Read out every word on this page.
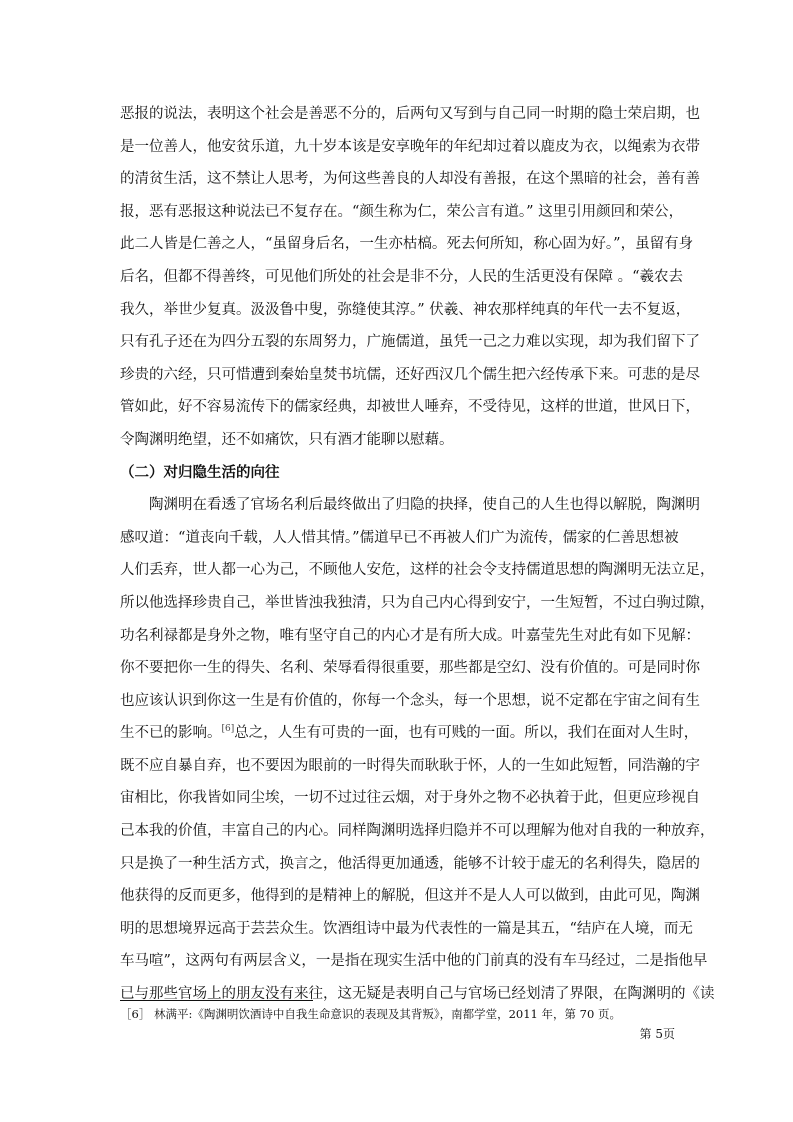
恶报的说法，表明这个社会是善恶不分的，后两句又写到与自己同一时期的隐士荣启期，也
是一位善人，他安贫乐道，九十岁本该是安享晚年的年纪却过着以鹿皮为衣，以绳索为衣带
的清贫生活，这不禁让人思考，为何这些善良的人却没有善报，在这个黑暗的社会，善有善
报，恶有恶报这种说法已不复存在。“颜生称为仁，荣公言有道。” 这里引用颜回和荣公，
此二人皆是仁善之人，“虽留身后名，一生亦枯槁。死去何所知，称心固为好。”，虽留有身
后名，但都不得善终，可见他们所处的社会是非不分，人民的生活更没有保障 。“羲农去
我久，举世少复真。汲汲鲁中叟，弥缝使其淳。” 伏羲、神农那样纯真的年代一去不复返，
只有孔子还在为四分五裂的东周努力，广施儒道，虽凭一己之力难以实现，却为我们留下了
珍贵的六经，只可惜遭到秦始皇焚书坑儒，还好西汉几个儒生把六经传承下来。可悲的是尽
管如此，好不容易流传下的儒家经典，却被世人唾弃，不受待见，这样的世道，世风日下，
令陶渊明绝望，还不如痛饮，只有酒才能聊以慰藉。
（二）对归隐生活的向往
陶渊明在看透了官场名利后最终做出了归隐的抉择，使自己的人生也得以解脱，陶渊明
感叹道：“道丧向千载，人人惜其情。”儒道早已不再被人们广为流传，儒家的仁善思想被
人们丢弃，世人都一心为己，不顾他人安危，这样的社会令支持儒道思想的陶渊明无法立足，
所以他选择珍贵自己，举世皆浊我独清，只为自己内心得到安宁，一生短暂，不过白驹过隙，
功名利禄都是身外之物，唯有坚守自己的内心才是有所大成。叶嘉莹先生对此有如下见解：
你不要把你一生的得失、名利、荣辱看得很重要，那些都是空幻、没有价值的。可是同时你
也应该认识到你这一生是有价值的，你每一个念头，每一个思想，说不定都在宇宙之间有生
生不已的影响。[6]总之，人生有可贵的一面，也有可贱的一面。所以，我们在面对人生时，
既不应自暴自弃，也不要因为眼前的一时得失而耿耿于怀，人的一生如此短暂，同浩瀚的宇
宙相比，你我皆如同尘埃，一切不过过往云烟，对于身外之物不必执着于此，但更应珍视自
己本我的价值，丰富自己的内心。同样陶渊明选择归隐并不可以理解为他对自我的一种放弃，
只是换了一种生活方式，换言之，他活得更加通透，能够不计较于虚无的名利得失，隐居的
他获得的反而更多，他得到的是精神上的解脱，但这并不是人人可以做到，由此可见，陶渊
明的思想境界远高于芸芸众生。饮酒组诗中最为代表性的一篇是其五，“结庐在人境，而无
车马喧”，这两句有两层含义，一是指在现实生活中他的门前真的没有车马经过，二是指他早
已与那些官场上的朋友没有来往，这无疑是表明自己与官场已经划清了界限，在陶渊明的《读
［6］ 林满平:《陶渊明饮酒诗中自我生命意识的表现及其背叛》，南都学堂，2011 年，第 70 页。
第 5页
